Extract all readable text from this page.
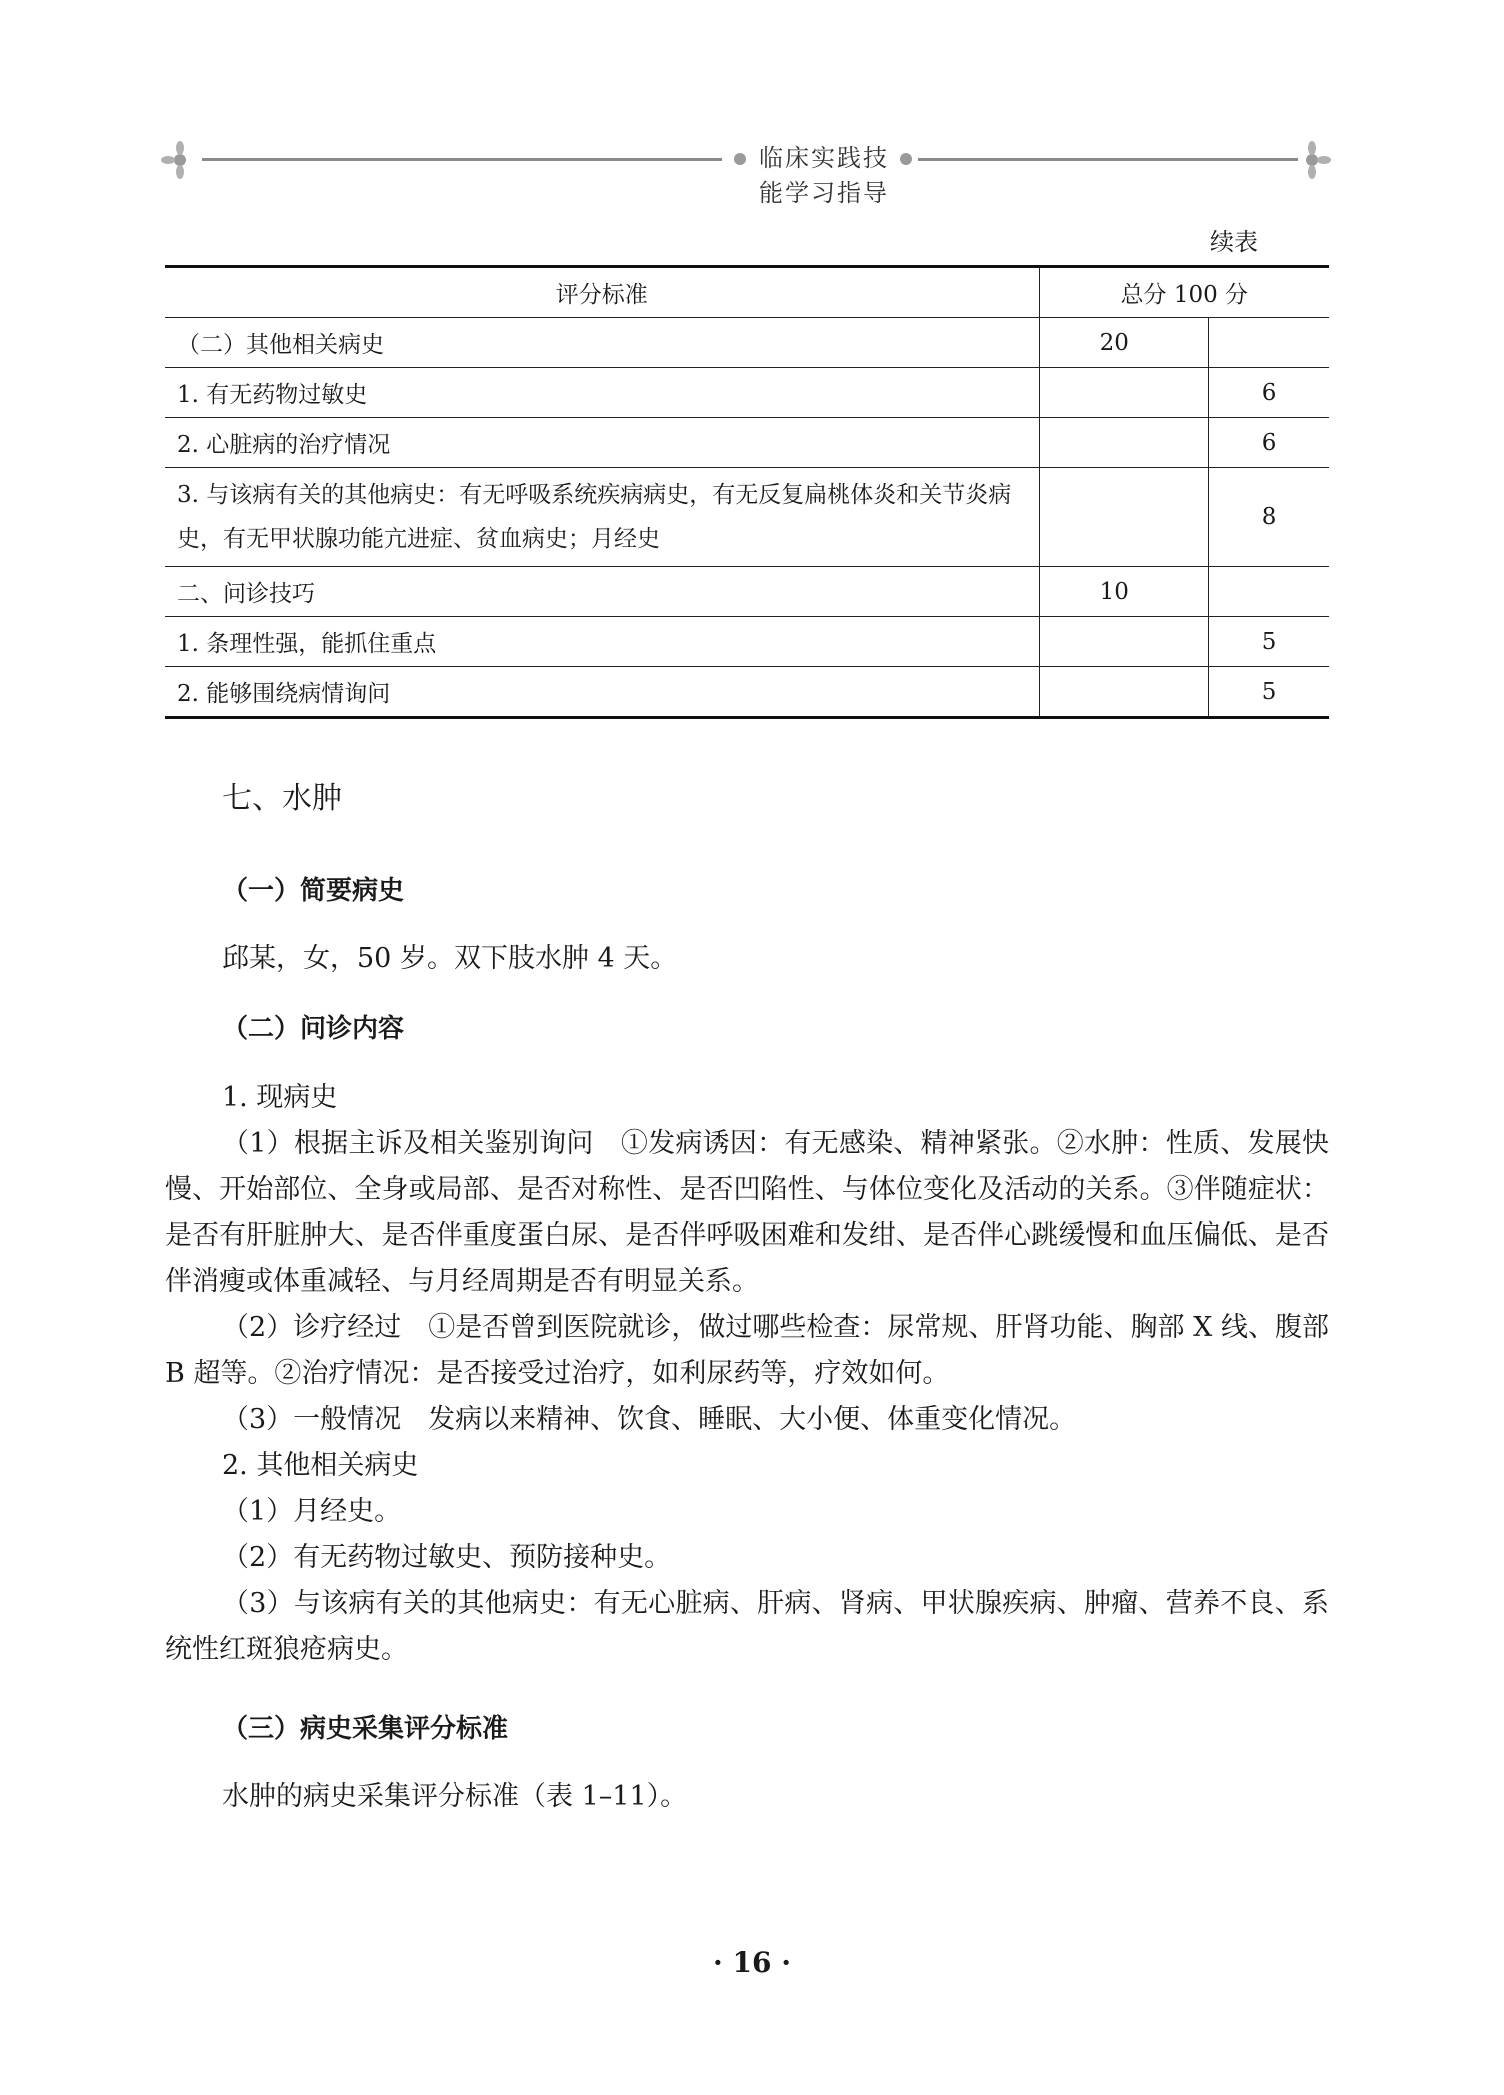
临床实践技能学习指导
续表
评分标准	总分 100 分	
（二）其他相关病史	20	
1. 有无药物过敏史		6
2. 心脏病的治疗情况		6
3. 与该病有关的其他病史：有无呼吸系统疾病病史，有无反复扁桃体炎和关节炎病史，有无甲状腺功能亢进症、贫血病史；月经史		8
二、问诊技巧	10	
1. 条理性强，能抓住重点		5
2. 能够围绕病情询问		5
七、水肿
（一）简要病史

邱某，女，50 岁。双下肢水肿 4 天。

（二）问诊内容

1. 现病史

（1）根据主诉及相关鉴别询问　①发病诱因：有无感染、精神紧张。②水肿：性质、发展快慢、开始部位、全身或局部、是否对称性、是否凹陷性、与体位变化及活动的关系。③伴随症状：是否有肝脏肿大、是否伴重度蛋白尿、是否伴呼吸困难和发绀、是否伴心跳缓慢和血压偏低、是否伴消瘦或体重减轻、与月经周期是否有明显关系。

（2）诊疗经过　①是否曾到医院就诊，做过哪些检查：尿常规、肝肾功能、胸部 X 线、腹部 B 超等。②治疗情况：是否接受过治疗，如利尿药等，疗效如何。

（3）一般情况　发病以来精神、饮食、睡眠、大小便、体重变化情况。

2. 其他相关病史

（1）月经史。

（2）有无药物过敏史、预防接种史。

（3）与该病有关的其他病史：有无心脏病、肝病、肾病、甲状腺疾病、肿瘤、营养不良、系统性红斑狼疮病史。

（三）病史采集评分标准

水肿的病史采集评分标准（表 1–11）。

· 16 ·
